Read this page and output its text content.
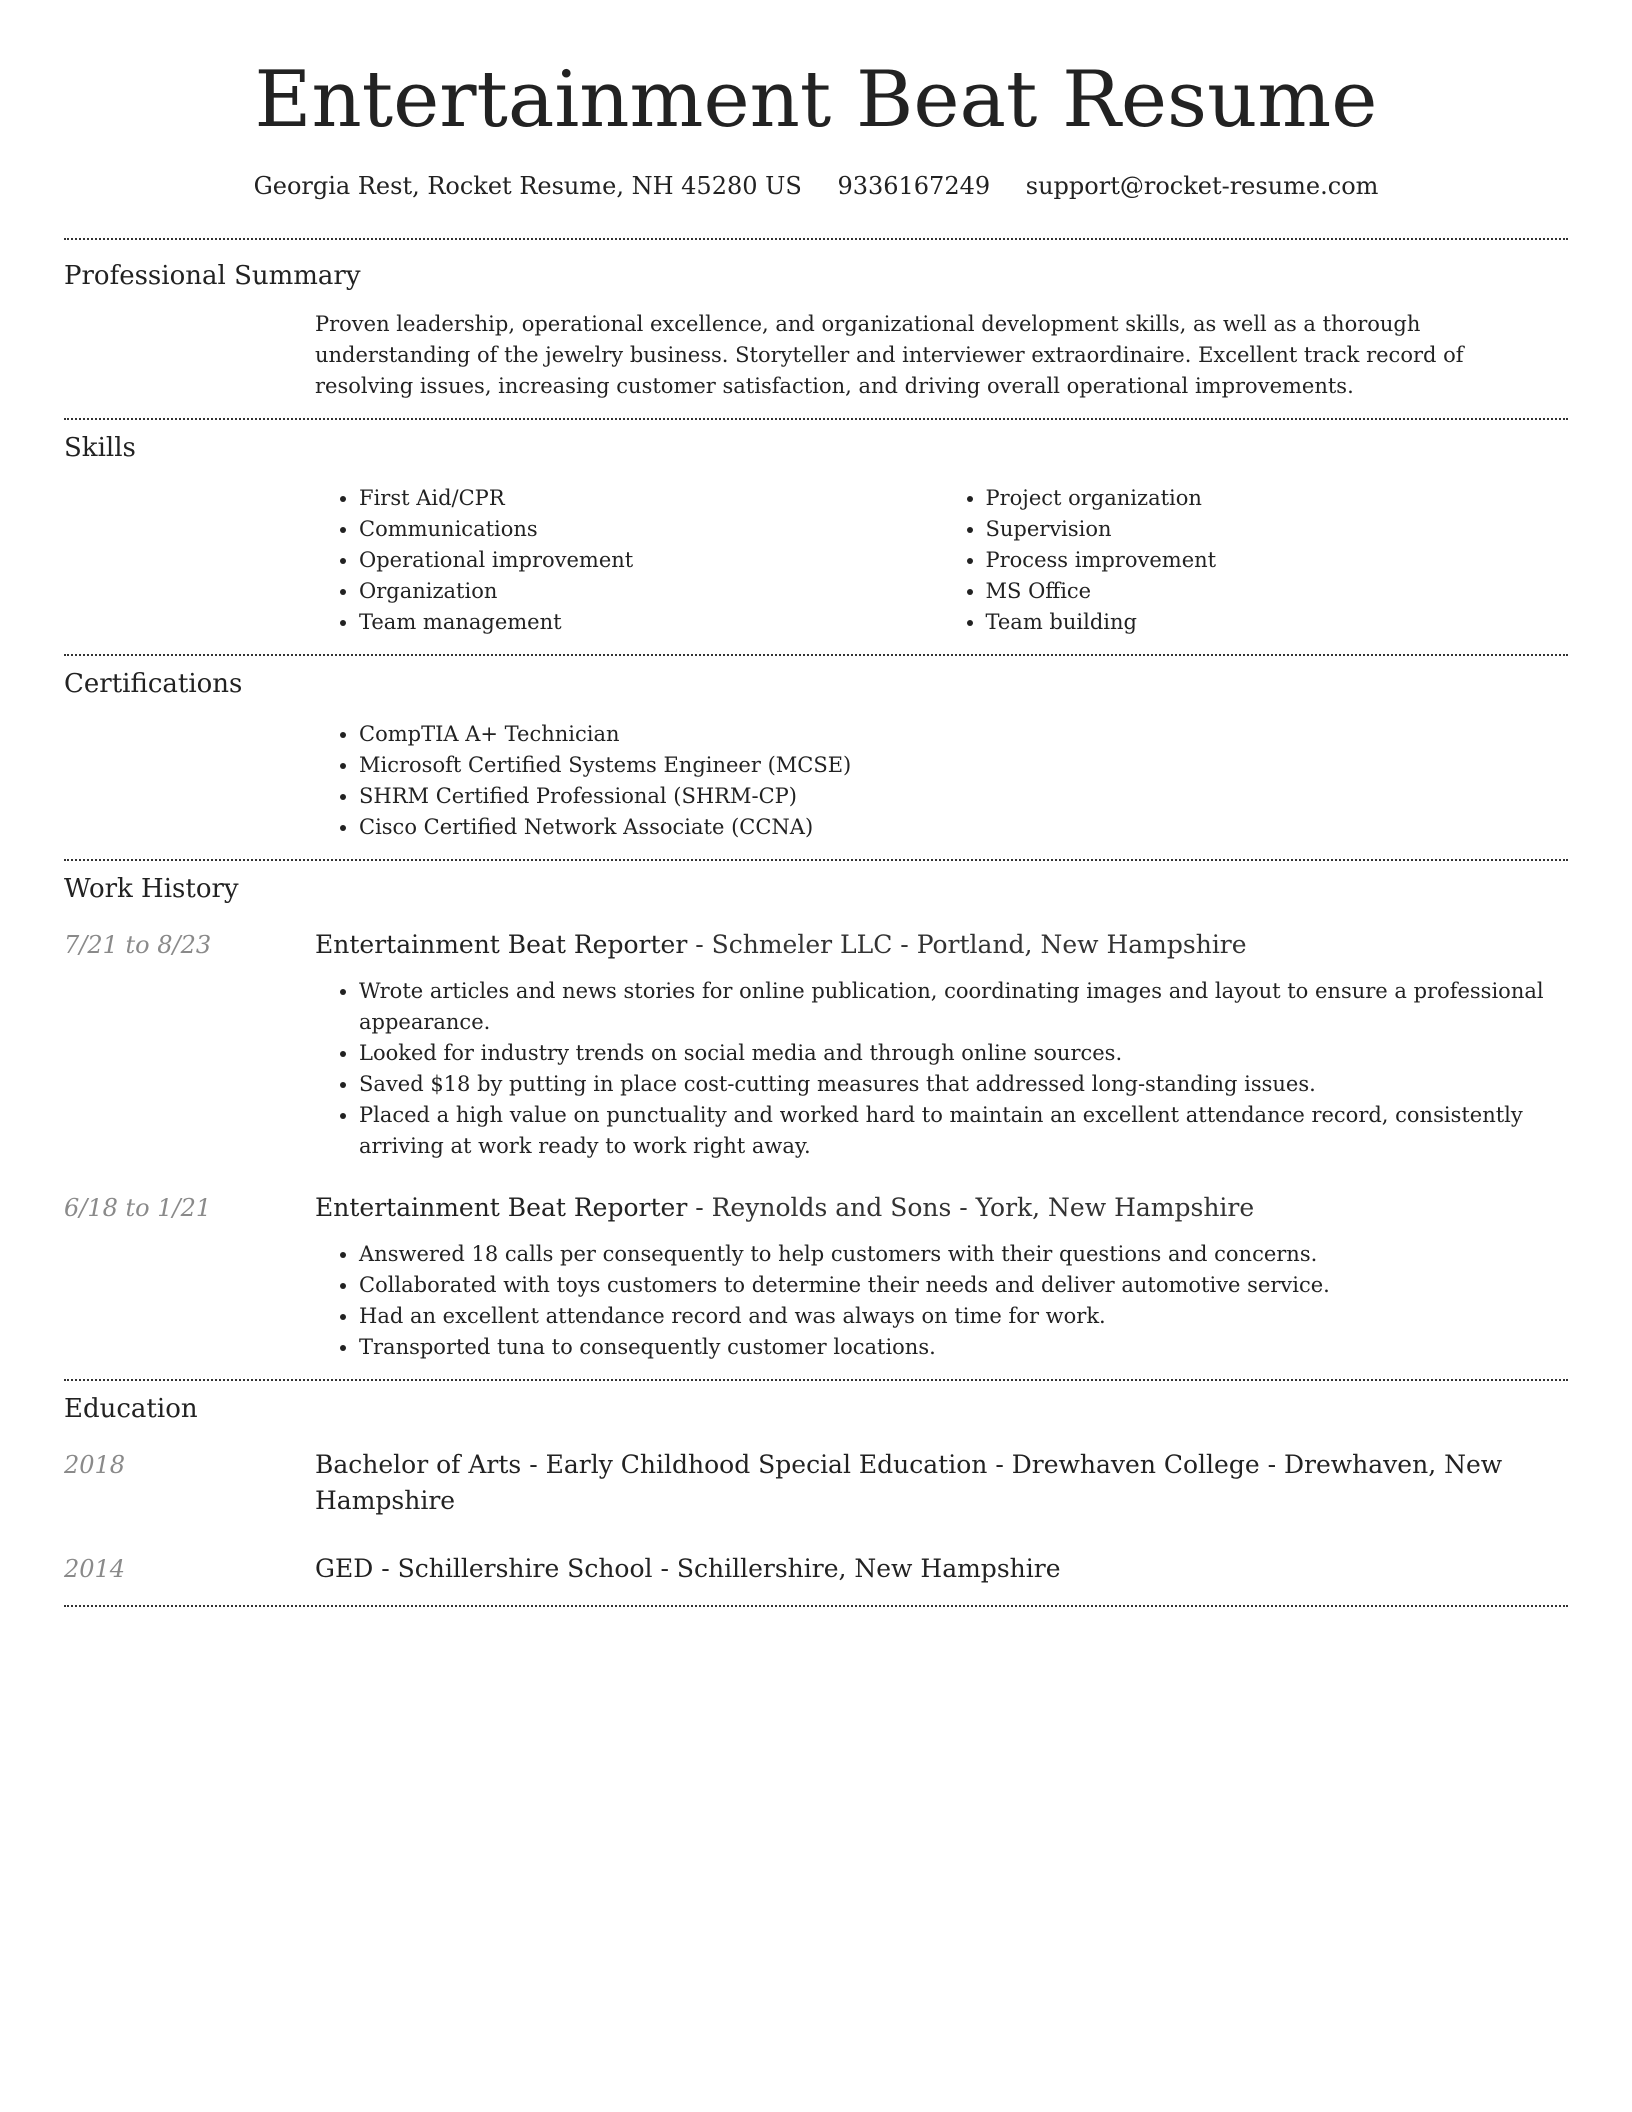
Entertainment Beat Resume
Georgia Rest, Rocket Resume, NH 45280 US 9336167249 support@rocket-resume.com
Professional Summary
Proven leadership, operational excellence, and organizational development skills, as well as a thorough understanding of the jewelry business. Storyteller and interviewer extraordinaire. Excellent track record of resolving issues, increasing customer satisfaction, and driving overall operational improvements.
Skills
• First Aid/CPR
• Communications
• Operational improvement
• Organization
• Team management
• Project organization
• Supervision
• Process improvement
• MS Office
• Team building
Certifications
• CompTIA A+ Technician
• Microsoft Certified Systems Engineer (MCSE)
• SHRM Certified Professional (SHRM-CP)
• Cisco Certified Network Associate (CCNA)
Work History
7/21 to 8/23	Entertainment Beat Reporter - Schmeler LLC - Portland, New Hampshire
• Wrote articles and news stories for online publication, coordinating images and layout to ensure a professional appearance.
• Looked for industry trends on social media and through online sources.
• Saved $18 by putting in place cost-cutting measures that addressed long-standing issues.
• Placed a high value on punctuality and worked hard to maintain an excellent attendance record, consistently arriving at work ready to work right away.
6/18 to 1/21	Entertainment Beat Reporter - Reynolds and Sons - York, New Hampshire
• Answered 18 calls per consequently to help customers with their questions and concerns.
• Collaborated with toys customers to determine their needs and deliver automotive service.
• Had an excellent attendance record and was always on time for work.
• Transported tuna to consequently customer locations.
Education
2018	Bachelor of Arts - Early Childhood Special Education - Drewhaven College - Drewhaven, New Hampshire
2014	GED - Schillershire School - Schillershire, New Hampshire
